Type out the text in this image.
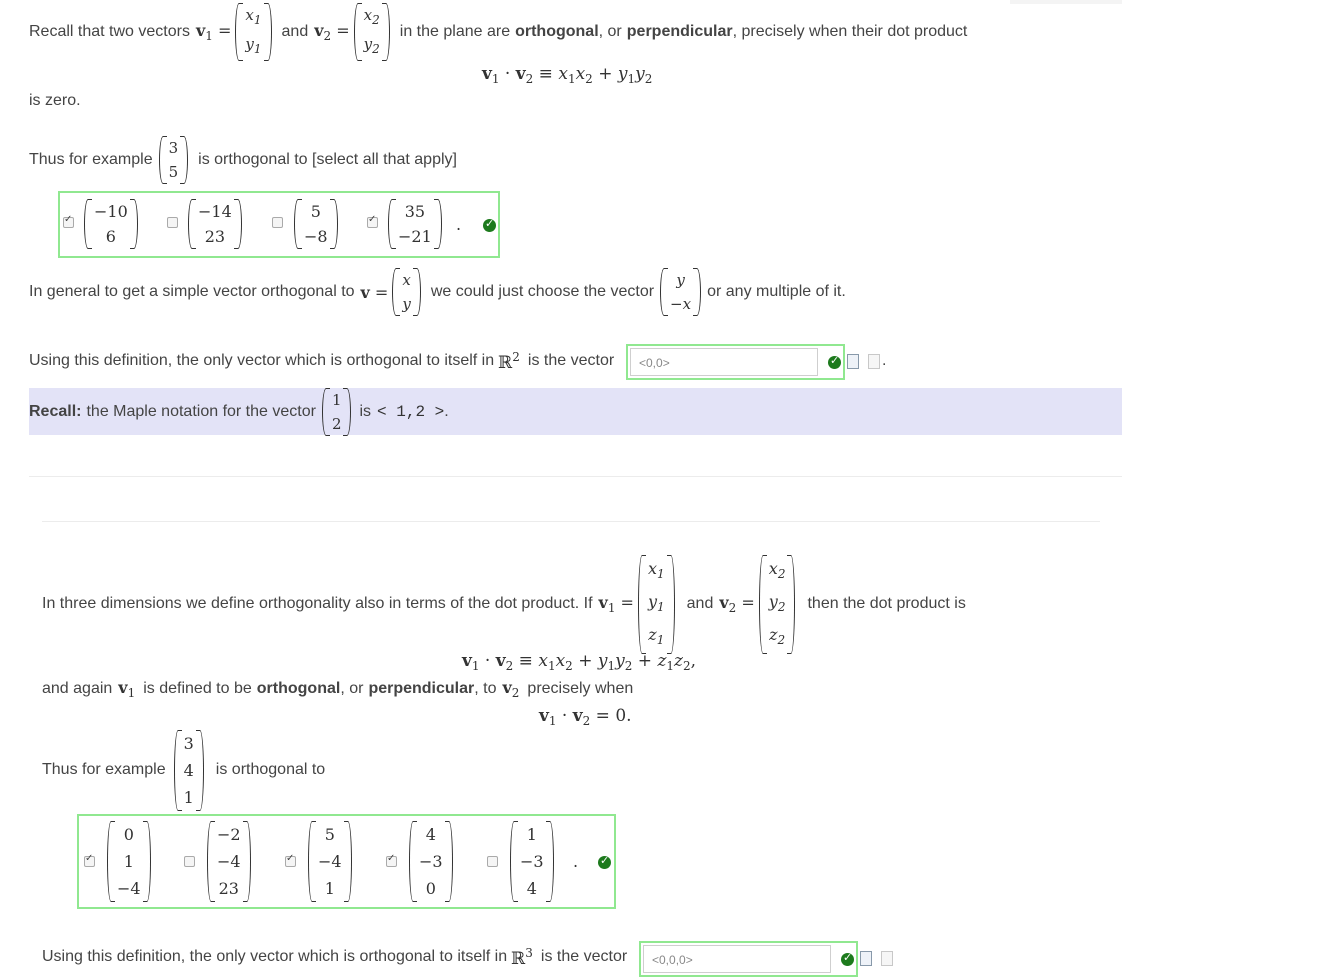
Recall that two vectors $v_1$ =
$x_1$
$y_1$
and $v_2$ =
$x_2$
$y_2$
in the plane are orthogonal , or perpendicular , precisely when their dot product
$v_1 \cdot v_2 \equiv x_1x_2 + y_1y_2$
is zero.
Thus for example
3
5
is orthogonal to [select all that apply]
✓
−10
6
−14
23
5
−8
✓
35
−21
.
✓
In general to get a simple vector orthogonal to v =
x
y
we could just choose the vector
y
−x
or any multiple of it.
Using this definition, the only vector which is orthogonal to itself in ℝ$^2$ is the vector	<0,0>
✓	.
Recall: the Maple notation for the vector
1
2
is < 1,2 > .
In three dimensions we define orthogonality also in terms of the dot product. If $v_1$ =
$x_1$
$y_1$
$z_1$
and $v_2$ =
$x_2$
$y_2$
$z_2$
then the dot product is
$v_1 \cdot v_2 \equiv x_1x_2 + y_1y_2 + z_1z_2$,
and again $v_1$ is defined to be orthogonal , or perpendicular , to $v_2$ precisely when
$v_1 \cdot v_2 = 0$.
Thus for example
3
4
1
is orthogonal to
✓
0
1
−4
−2
−4
23
✓
5
−4
1
✓
4
−3
0
1
−3
4
.
✓
Using this definition, the only vector which is orthogonal to itself in ℝ$^3$ is the vector	<0,0,0>
✓
